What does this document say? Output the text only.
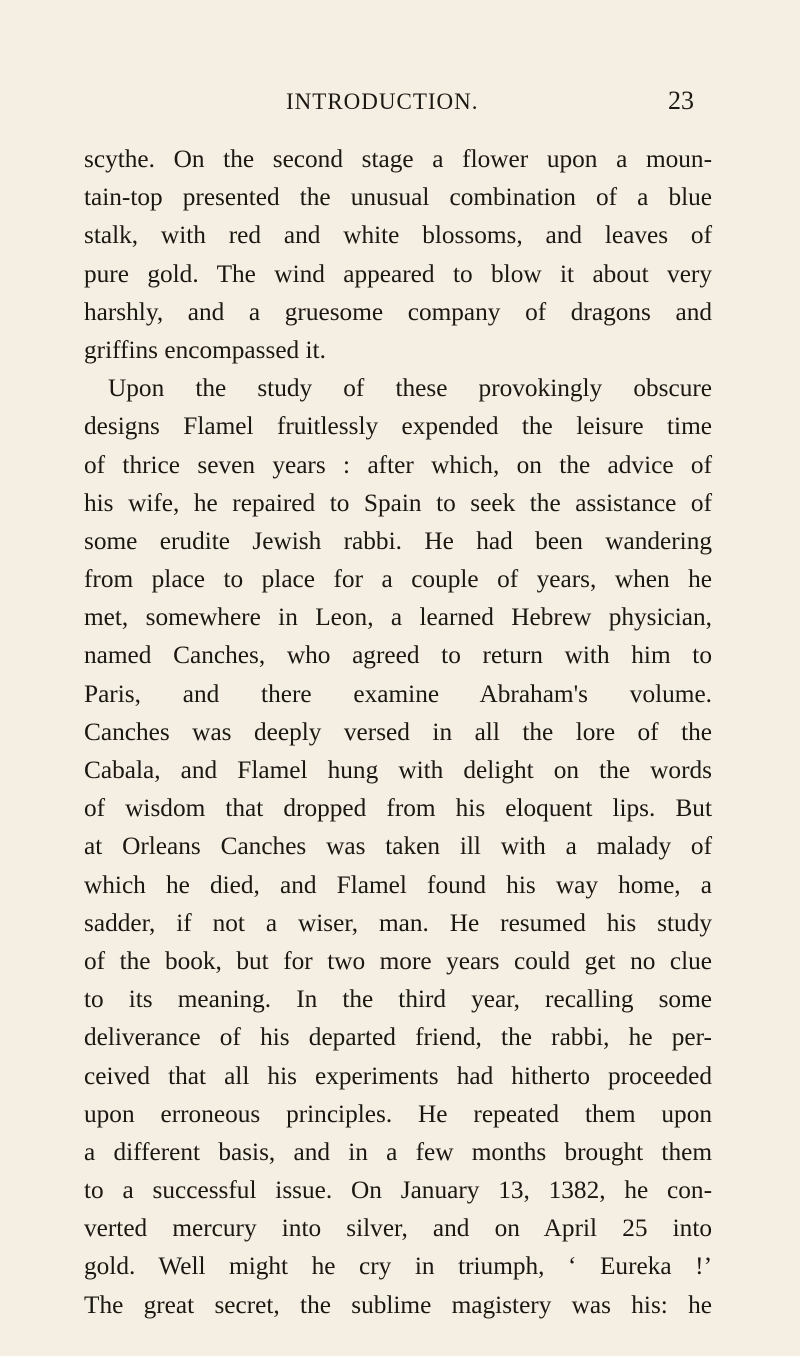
INTRODUCTION.	23
scythe. On the second stage a flower upon a moun-
tain-top presented the unusual combination of a blue
stalk, with red and white blossoms, and leaves of
pure gold. The wind appeared to blow it about very
harshly, and a gruesome company of dragons and
griffins encompassed it.
Upon the study of these provokingly obscure
designs Flamel fruitlessly expended the leisure time
of thrice seven years : after which, on the advice of
his wife, he repaired to Spain to seek the assistance of
some erudite Jewish rabbi. He had been wandering
from place to place for a couple of years, when he
met, somewhere in Leon, a learned Hebrew physician,
named Canches, who agreed to return with him to
Paris, and there examine Abraham's volume.
Canches was deeply versed in all the lore of the
Cabala, and Flamel hung with delight on the words
of wisdom that dropped from his eloquent lips. But
at Orleans Canches was taken ill with a malady of
which he died, and Flamel found his way home, a
sadder, if not a wiser, man. He resumed his study
of the book, but for two more years could get no clue
to its meaning. In the third year, recalling some
deliverance of his departed friend, the rabbi, he per-
ceived that all his experiments had hitherto proceeded
upon erroneous principles. He repeated them upon
a different basis, and in a few months brought them
to a successful issue. On January 13, 1382, he con-
verted mercury into silver, and on April 25 into
gold. Well might he cry in triumph, ‘ Eureka !’
The great secret, the sublime magistery was his: he
